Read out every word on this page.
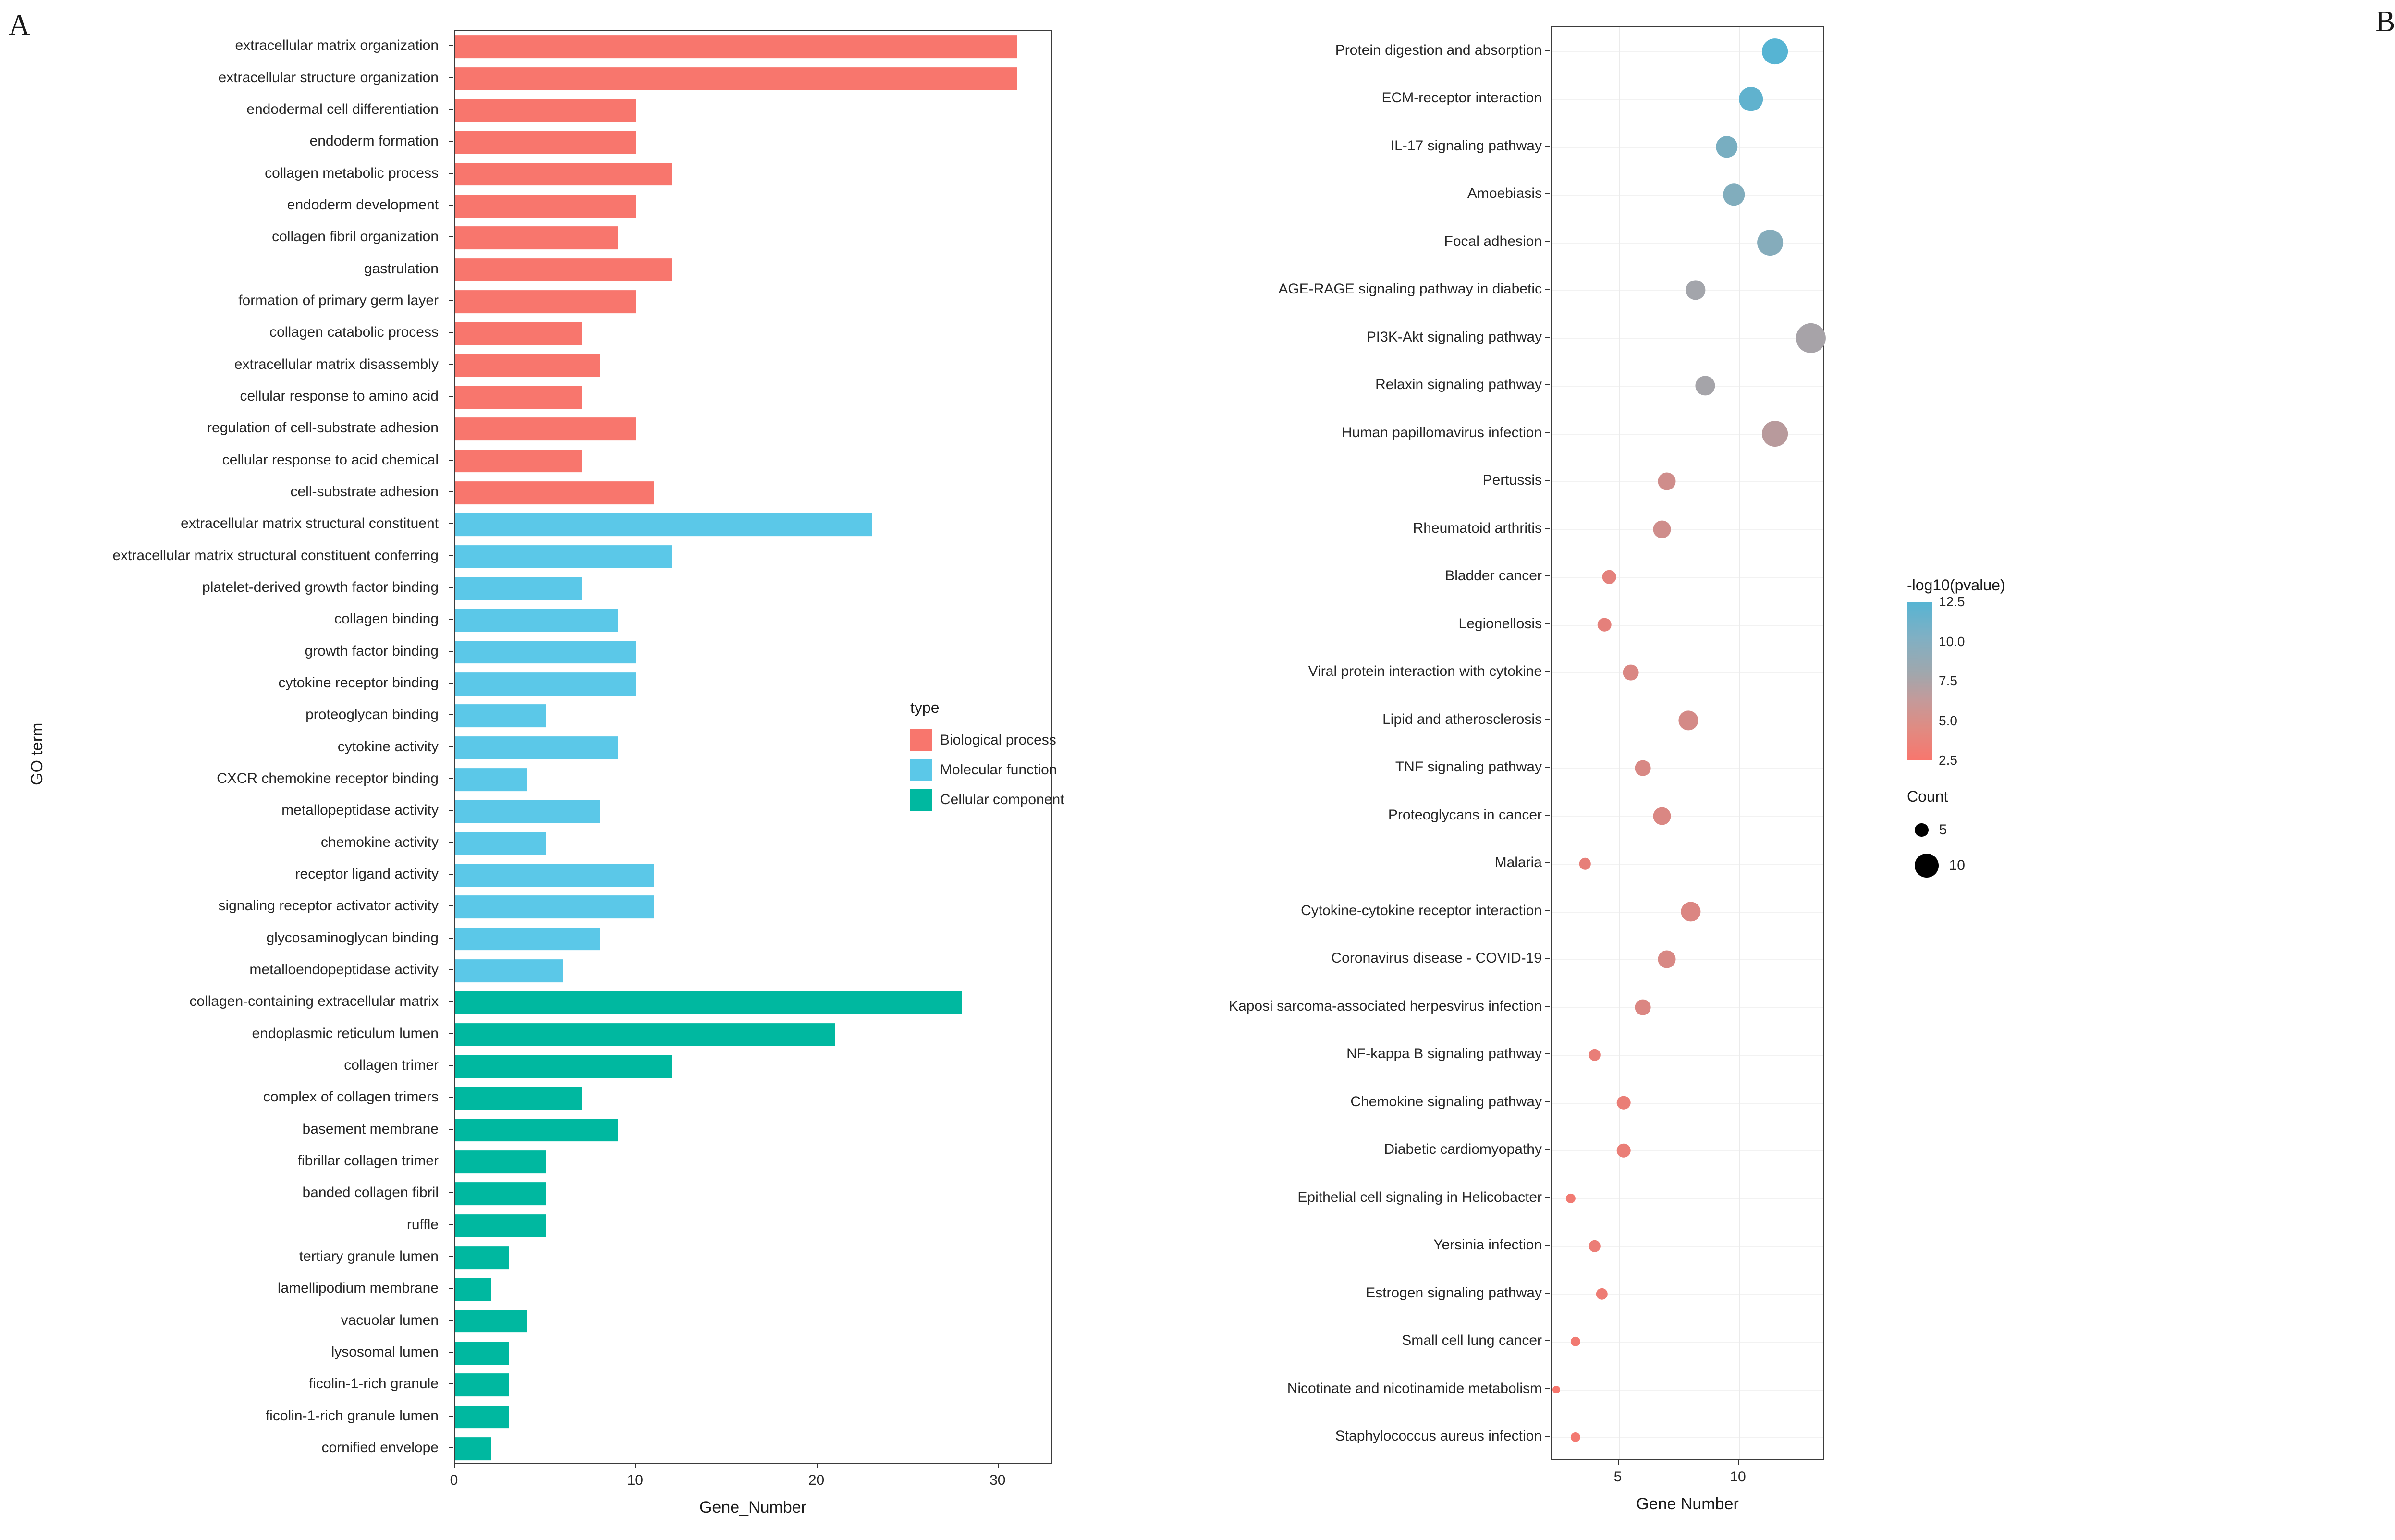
A
extracellular matrix organization
extracellular structure organization
endodermal cell differentiation
endoderm formation
collagen metabolic process
endoderm development
collagen fibril organization
gastrulation
formation of primary germ layer
collagen catabolic process
extracellular matrix disassembly
cellular response to amino acid
regulation of cell-substrate adhesion
cellular response to acid chemical
cell-substrate adhesion
extracellular matrix structural constituent
extracellular matrix structural constituent conferring
platelet-derived growth factor binding
collagen binding
growth factor binding
cytokine receptor binding
proteoglycan binding
cytokine activity
CXCR chemokine receptor binding
metallopeptidase activity
chemokine activity
receptor ligand activity
signaling receptor activator activity
glycosaminoglycan binding
metalloendopeptidase activity
collagen-containing extracellular matrix
endoplasmic reticulum lumen
collagen trimer
complex of collagen trimers
basement membrane
fibrillar collagen trimer
banded collagen fibril
ruffle
tertiary granule lumen
lamellipodium membrane
vacuolar lumen
lysosomal lumen
ficolin-1-rich granule
ficolin-1-rich granule lumen
cornified envelope
GO term
Gene_Number
type
Biological process
Molecular function
Cellular component
0	10	20	30
B
Protein digestion and absorption
ECM-receptor interaction
IL-17 signaling pathway
Amoebiasis
Focal adhesion
AGE-RAGE signaling pathway in diabetic
PI3K-Akt signaling pathway
Relaxin signaling pathway
Human papillomavirus infection
Pertussis
Rheumatoid arthritis
Bladder cancer
Legionellosis
Viral protein interaction with cytokine
Lipid and atherosclerosis
TNF signaling pathway
Proteoglycans in cancer
Malaria
Cytokine-cytokine receptor interaction
Coronavirus disease - COVID-19
Kaposi sarcoma-associated herpesvirus infection
NF-kappa B signaling pathway
Chemokine signaling pathway
Diabetic cardiomyopathy
Epithelial cell signaling in Helicobacter
Yersinia infection
Estrogen signaling pathway
Small cell lung cancer
Nicotinate and nicotinamide metabolism
Staphylococcus aureus infection
Gene Number
-log10(pvalue)
12.5
10.0
7.5
5.0
2.5
Count
5
10
5	10
